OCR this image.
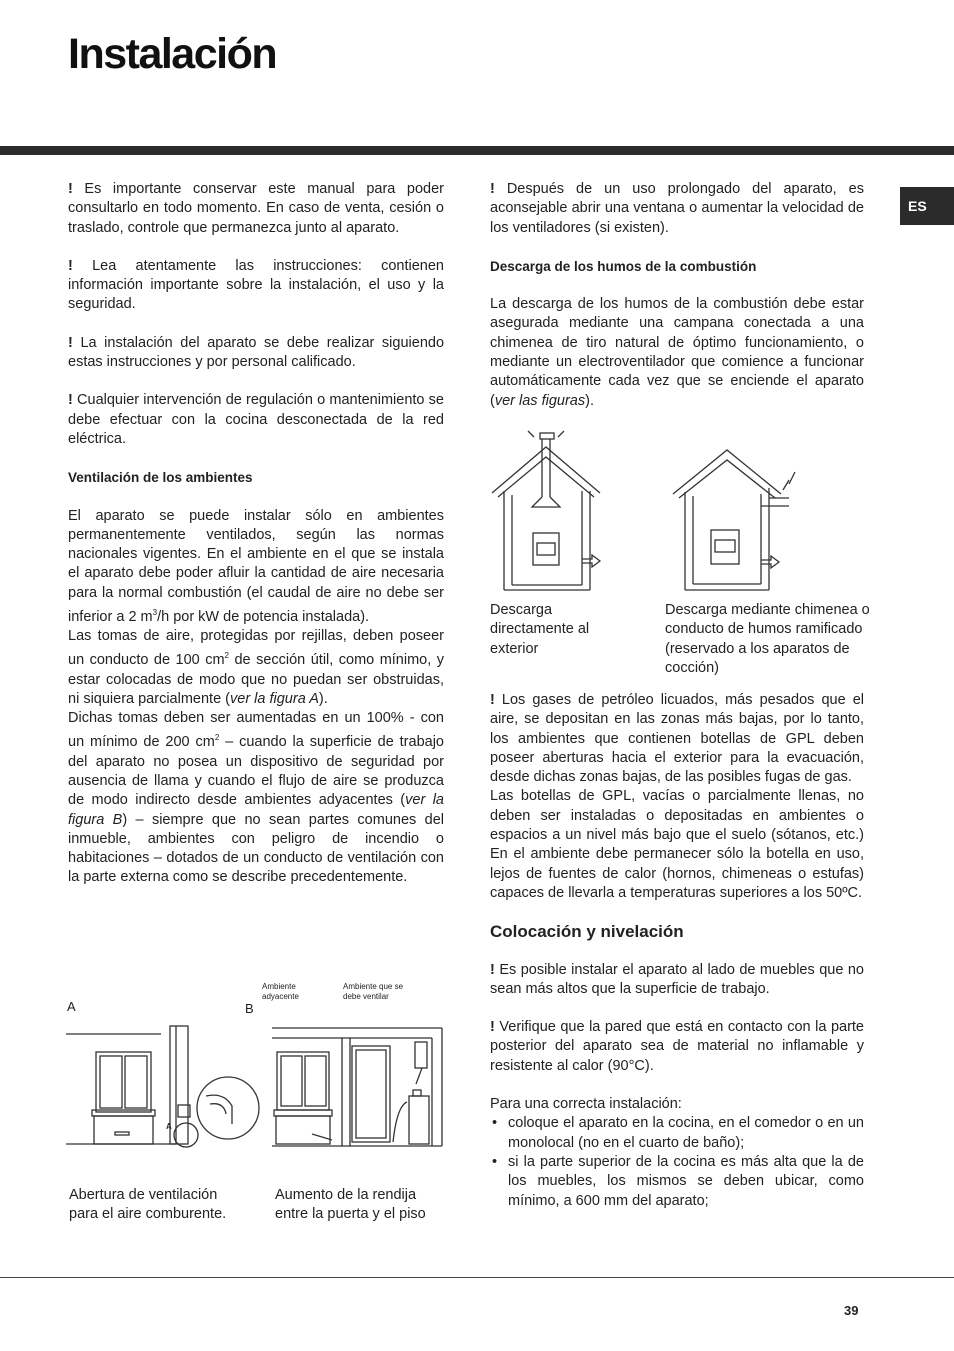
Instalación
ES

! Es importante conservar este manual para poder consultarlo en todo momento. En caso de venta, cesión o traslado, controle que permanezca junto al aparato.

! Lea atentamente las instrucciones: contienen información importante sobre la instalación, el uso y la seguridad.

! La instalación del aparato se debe realizar siguiendo estas instrucciones y por personal calificado.

! Cualquier intervención de regulación o mantenimiento se debe efectuar con la cocina desconectada de la red eléctrica.

Ventilación de los ambientes

El aparato se puede instalar sólo en ambientes permanentemente ventilados, según las normas nacionales vigentes. En el ambiente en el que se instala el aparato debe poder afluir la cantidad de aire necesaria para la normal combustión (el caudal de aire no debe ser inferior a 2 $m^3/h$ por kW de potencia instalada).
Las tomas de aire, protegidas por rejillas, deben poseer un conducto de 100 $cm^2$ de sección útil, como mínimo, y estar colocadas de modo que no puedan ser obstruidas, ni siquiera parcialmente (ver la figura A).
Dichas tomas deben ser aumentadas en un 100% - con un mínimo de 200 $cm^2$ – cuando la superficie de trabajo del aparato no posea un dispositivo de seguridad por ausencia de llama y cuando el flujo de aire se produzca de modo indirecto desde ambientes adyacentes (ver la figura B) – siempre que no sean partes comunes del inmueble, ambientes con peligro de incendio o habitaciones – dotados de un conducto de ventilación con la parte externa como se describe precedentemente.

A	B
Ambiente adyacente
Ambiente que se debe ventilar
A
Abertura de ventilación para el aire comburente.
Aumento de la rendija entre la puerta y el piso

! Después de un uso prolongado del aparato, es aconsejable abrir una ventana o aumentar la velocidad de los ventiladores (si existen).

Descarga de los humos de la combustión

La descarga de los humos de la combustión debe estar asegurada mediante una campana conectada a una chimenea de tiro natural de óptimo funcionamiento, o mediante un electroventilador que comience a funcionar automáticamente cada vez que se enciende el aparato (ver las figuras).

Descarga directamente al exterior
Descarga mediante chimenea o conducto de humos ramificado (reservado a los aparatos de cocción)

! Los gases de petróleo licuados, más pesados que el aire, se depositan en las zonas más bajas, por lo tanto, los ambientes que contienen botellas de GPL deben poseer aberturas hacia el exterior para la evacuación, desde dichas zonas bajas, de las posibles fugas de gas.
Las botellas de GPL, vacías o parcialmente llenas, no deben ser instaladas o depositadas en ambientes o espacios a un nivel más bajo que el suelo (sótanos, etc.) En el ambiente debe permanecer sólo la botella en uso, lejos de fuentes de calor (hornos, chimeneas o estufas) capaces de llevarla a temperaturas superiores a los 50ºC.

Colocación y nivelación

! Es posible instalar el aparato al lado de muebles que no sean más altos que la superficie de trabajo.

! Verifique que la pared que está en contacto con la parte posterior del aparato sea de material no inflamable y resistente al calor (90°C).

Para una correcta instalación:

• coloque el aparato en la cocina, en el comedor o en un monolocal (no en el cuarto de baño);
• si la parte superior de la cocina es más alta que la de los muebles, los mismos se deben ubicar, como mínimo, a 600 mm del aparato;
39
